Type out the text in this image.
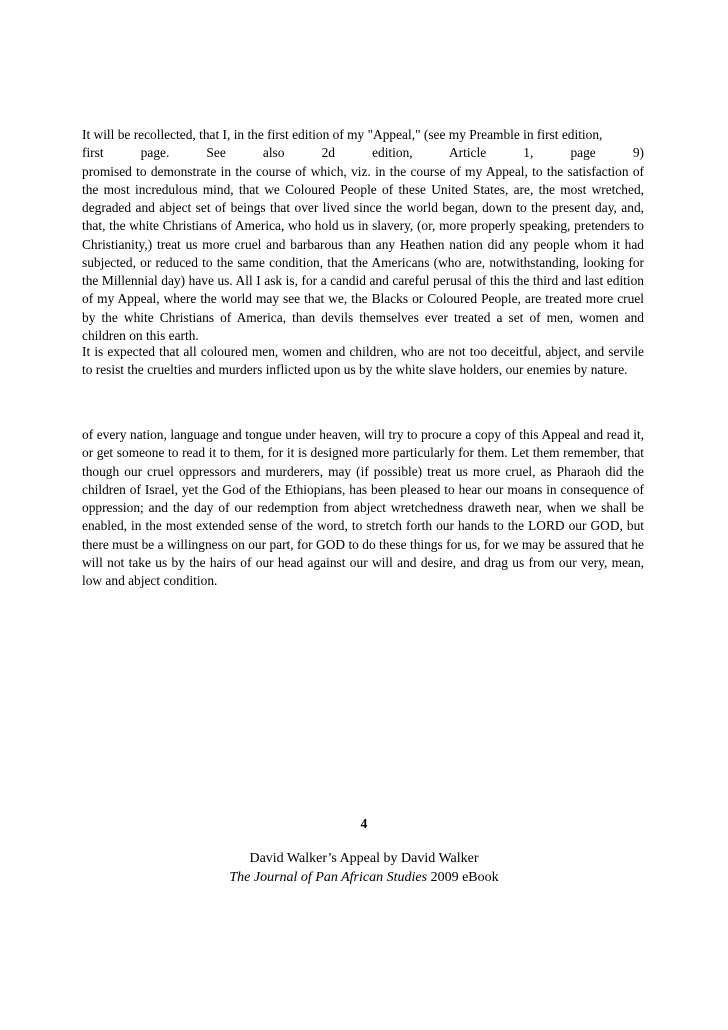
It will be recollected, that I, in the first edition of my "Appeal," (see my Preamble in first edition,
first page. See also 2d edition, Article 1, page 9)
promised to demonstrate in the course of which, viz. in the course of my Appeal, to the satisfaction of the most incredulous mind, that we Coloured People of these United States, are, the most wretched, degraded and abject set of beings that over lived since the world began, down to the present day, and, that, the white Christians of America, who hold us in slavery, (or, more properly speaking, pretenders to Christianity,) treat us more cruel and barbarous than any Heathen nation did any people whom it had subjected, or reduced to the same condition, that the Americans (who are, notwithstanding, looking for the Millennial day) have us. All I ask is, for a candid and careful perusal of this the third and last edition of my Appeal, where the world may see that we, the Blacks or Coloured People, are treated more cruel by the white Christians of America, than devils themselves ever treated a set of men, women and children on this earth.

It is expected that all coloured men, women and children, who are not too deceitful, abject, and servile to resist the cruelties and murders inflicted upon us by the white slave holders, our enemies by nature.

of every nation, language and tongue under heaven, will try to procure a copy of this Appeal and read it, or get someone to read it to them, for it is designed more particularly for them. Let them remember, that though our cruel oppressors and murderers, may (if possible) treat us more cruel, as Pharaoh did the children of Israel, yet the God of the Ethiopians, has been pleased to hear our moans in consequence of oppression; and the day of our redemption from abject wretchedness draweth near, when we shall be enabled, in the most extended sense of the word, to stretch forth our hands to the LORD our GOD, but there must be a willingness on our part, for GOD to do these things for us, for we may be assured that he will not take us by the hairs of our head against our will and desire, and drag us from our very, mean, low and abject condition.

4
David Walker’s Appeal by David Walker
The Journal of Pan African Studies 2009 eBook
